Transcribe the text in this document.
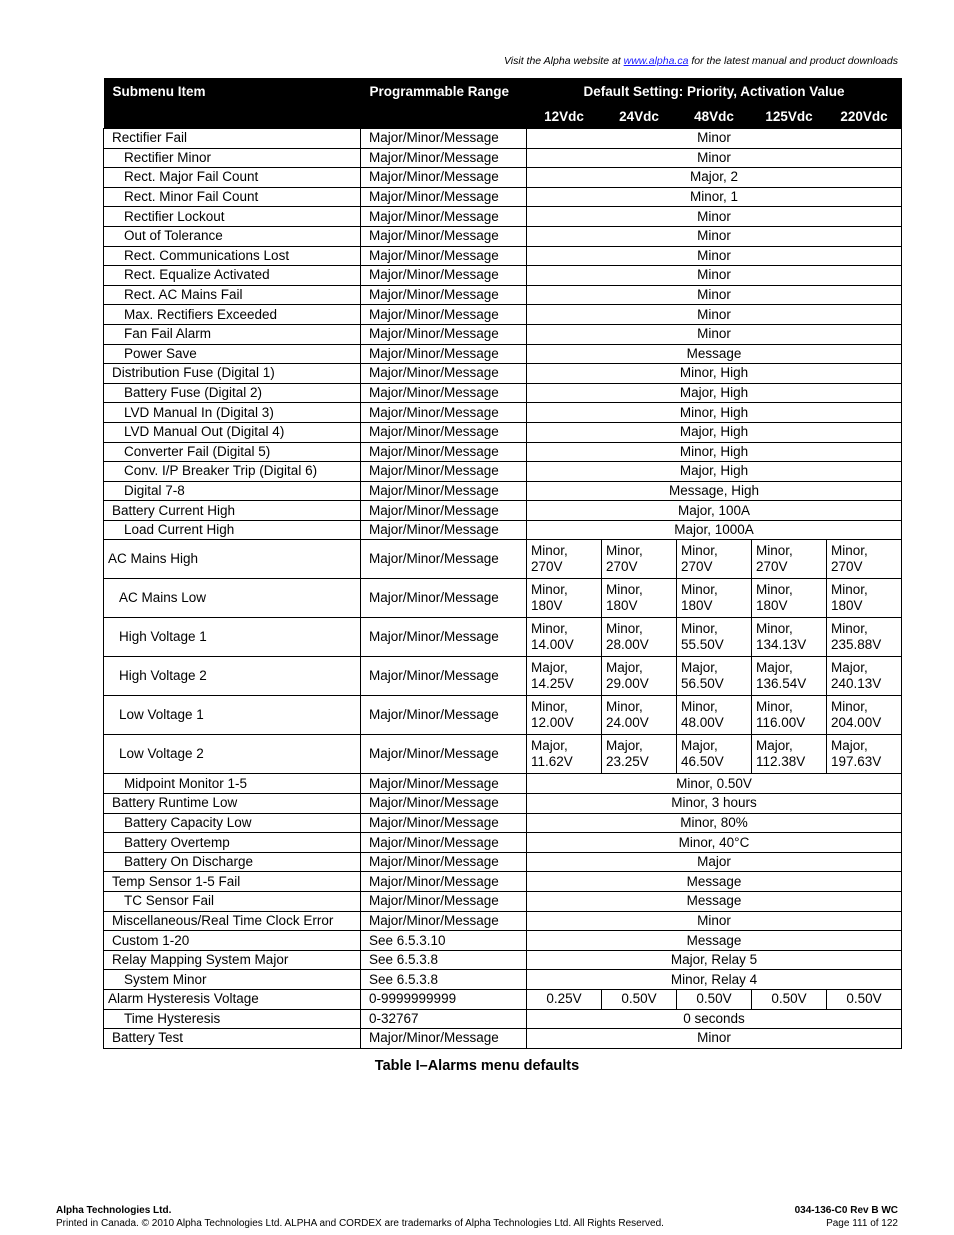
Visit the Alpha website at www.alpha.ca for the latest manual and product downloads
Submenu Item	Programmable Range	Default Setting: Priority, Activation Value				
		12Vdc	24Vdc	48Vdc	125Vdc	220Vdc
Rectifier Fail	Major/Minor/Message	Minor				
Rectifier Minor	Major/Minor/Message	Minor				
Rect. Major Fail Count	Major/Minor/Message	Major, 2				
Rect. Minor Fail Count	Major/Minor/Message	Minor, 1				
Rectifier Lockout	Major/Minor/Message	Minor				
Out of Tolerance	Major/Minor/Message	Minor				
Rect. Communications Lost	Major/Minor/Message	Minor				
Rect. Equalize Activated	Major/Minor/Message	Minor				
Rect. AC Mains Fail	Major/Minor/Message	Minor				
Max. Rectifiers Exceeded	Major/Minor/Message	Minor				
Fan Fail Alarm	Major/Minor/Message	Minor				
Power Save	Major/Minor/Message	Message				
Distribution Fuse (Digital 1)	Major/Minor/Message	Minor, High				
Battery Fuse (Digital 2)	Major/Minor/Message	Major, High				
LVD Manual In (Digital 3)	Major/Minor/Message	Minor, High				
LVD Manual Out (Digital 4)	Major/Minor/Message	Major, High				
Converter Fail (Digital 5)	Major/Minor/Message	Minor, High				
Conv. I/P Breaker Trip (Digital 6)	Major/Minor/Message	Major, High				
Digital 7-8	Major/Minor/Message	Message, High				
Battery Current High	Major/Minor/Message	Major, 100A				
Load Current High	Major/Minor/Message	Major, 1000A				
AC Mains High	Major/Minor/Message	Minor, 270V	Minor, 270V	Minor, 270V	Minor, 270V	Minor, 270V
AC Mains Low	Major/Minor/Message	Minor, 180V	Minor, 180V	Minor, 180V	Minor, 180V	Minor, 180V
High Voltage 1	Major/Minor/Message	Minor, 14.00V	Minor, 28.00V	Minor, 55.50V	Minor, 134.13V	Minor, 235.88V
High Voltage 2	Major/Minor/Message	Major, 14.25V	Major, 29.00V	Major, 56.50V	Major, 136.54V	Major, 240.13V
Low Voltage 1	Major/Minor/Message	Minor, 12.00V	Minor, 24.00V	Minor, 48.00V	Minor, 116.00V	Minor, 204.00V
Low Voltage 2	Major/Minor/Message	Major, 11.62V	Major, 23.25V	Major, 46.50V	Major, 112.38V	Major, 197.63V
Midpoint Monitor 1-5	Major/Minor/Message	Minor, 0.50V				
Battery Runtime Low	Major/Minor/Message	Minor, 3 hours				
Battery Capacity Low	Major/Minor/Message	Minor, 80%				
Battery Overtemp	Major/Minor/Message	Minor, 40°C				
Battery On Discharge	Major/Minor/Message	Major				
Temp Sensor 1-5 Fail	Major/Minor/Message	Message				
TC Sensor Fail	Major/Minor/Message	Message				
Miscellaneous/Real Time Clock Error	Major/Minor/Message	Minor				
Custom 1-20	See 6.5.3.10	Message				
Relay Mapping System Major	See 6.5.3.8	Major, Relay 5				
System Minor	See 6.5.3.8	Minor, Relay 4				
Alarm Hysteresis Voltage	0-9999999999	0.25V	0.50V	0.50V	0.50V	0.50V
Time Hysteresis	0-32767	0 seconds				
Battery Test	Major/Minor/Message	Minor				
Table I–Alarms menu defaults
Alpha Technologies Ltd.
Printed in Canada. © 2010 Alpha Technologies Ltd. ALPHA and CORDEX are trademarks of Alpha Technologies Ltd. All Rights Reserved.
034-136-C0 Rev B WC
Page 111 of 122
